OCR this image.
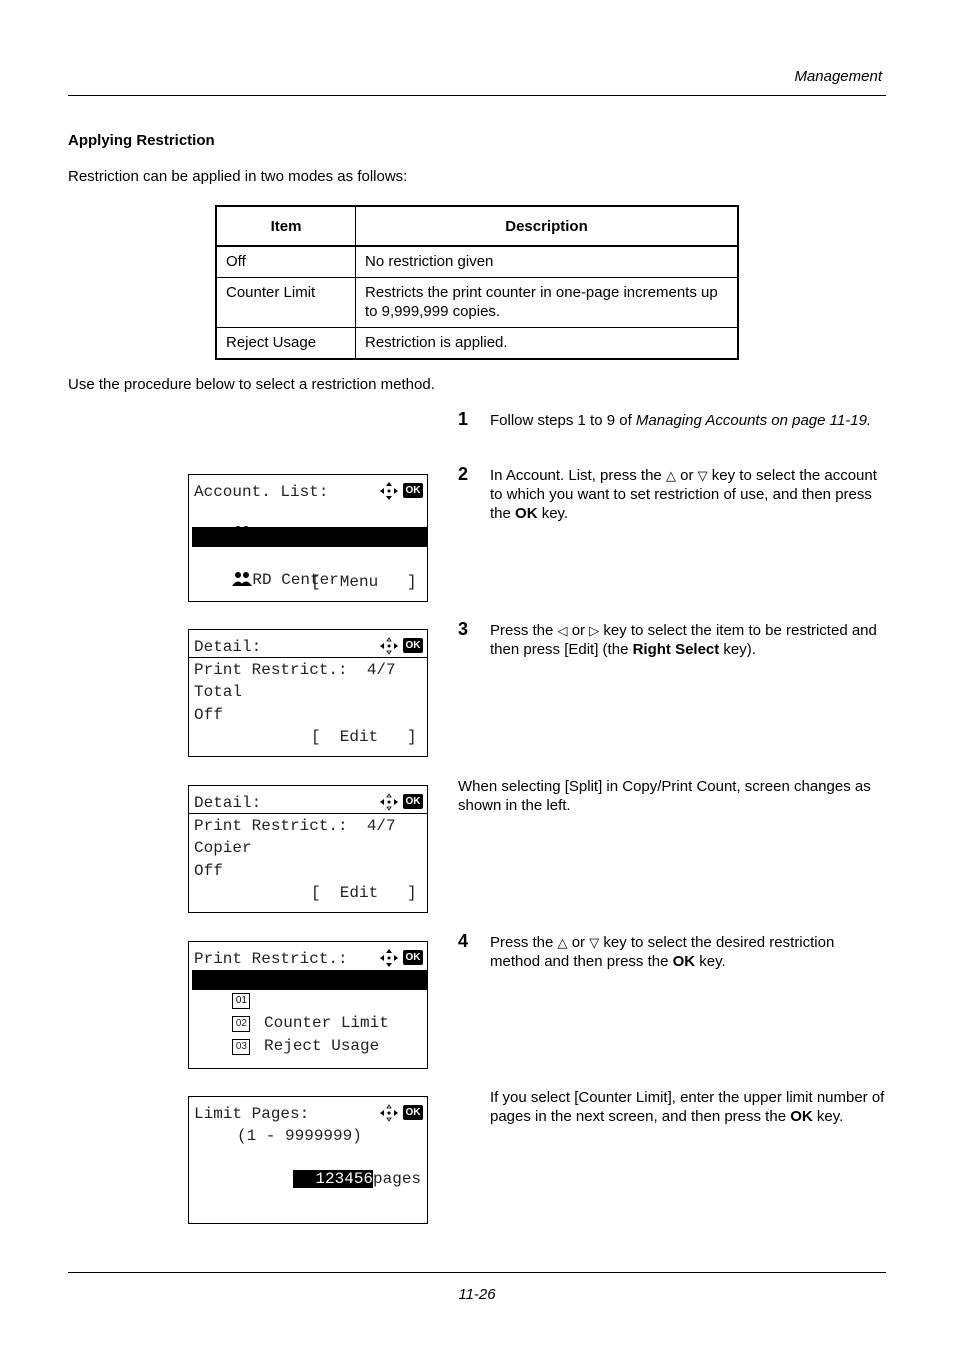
Management
Applying Restriction
Restriction can be applied in two modes as follows:
Item	Description
Off	No restriction given
Counter Limit	Restricts the print counter in one-page increments up to 9,999,999 copies.
Reject Usage	Restriction is applied.
Use the procedure below to select a restriction method.
1 Follow steps 1 to 9 of Managing Accounts on page 11-19.
2 In Account. List, press the △ or ▽ key to select the account to which you want to set restriction of use, and then press the OK key.
Account. List:	OK

GUI Design

RD Center

[  Menu   ]
3 Press the ◁ or ▷ key to select the item to be restricted and then press [Edit] (the Right Select key).
Detail:	OK
Print Restrict.:  4/7
Total
Off
[  Edit   ]
When selecting [Split] in Copy/Print Count, screen changes as shown in the left.
Detail:	OK
Print Restrict.:  4/7
Copier
Off
[  Edit   ]
4 Press the △ or ▽ key to select the desired restriction method and then press the OK key.
Print Restrict.:	OK

01 *Off

02 Counter Limit

03 Reject Usage

If you select [Counter Limit], enter the upper limit number of pages in the next screen, and then press the OK key.
Limit Pages:	OK
(1 - 9999999)

123456pages

11-26
